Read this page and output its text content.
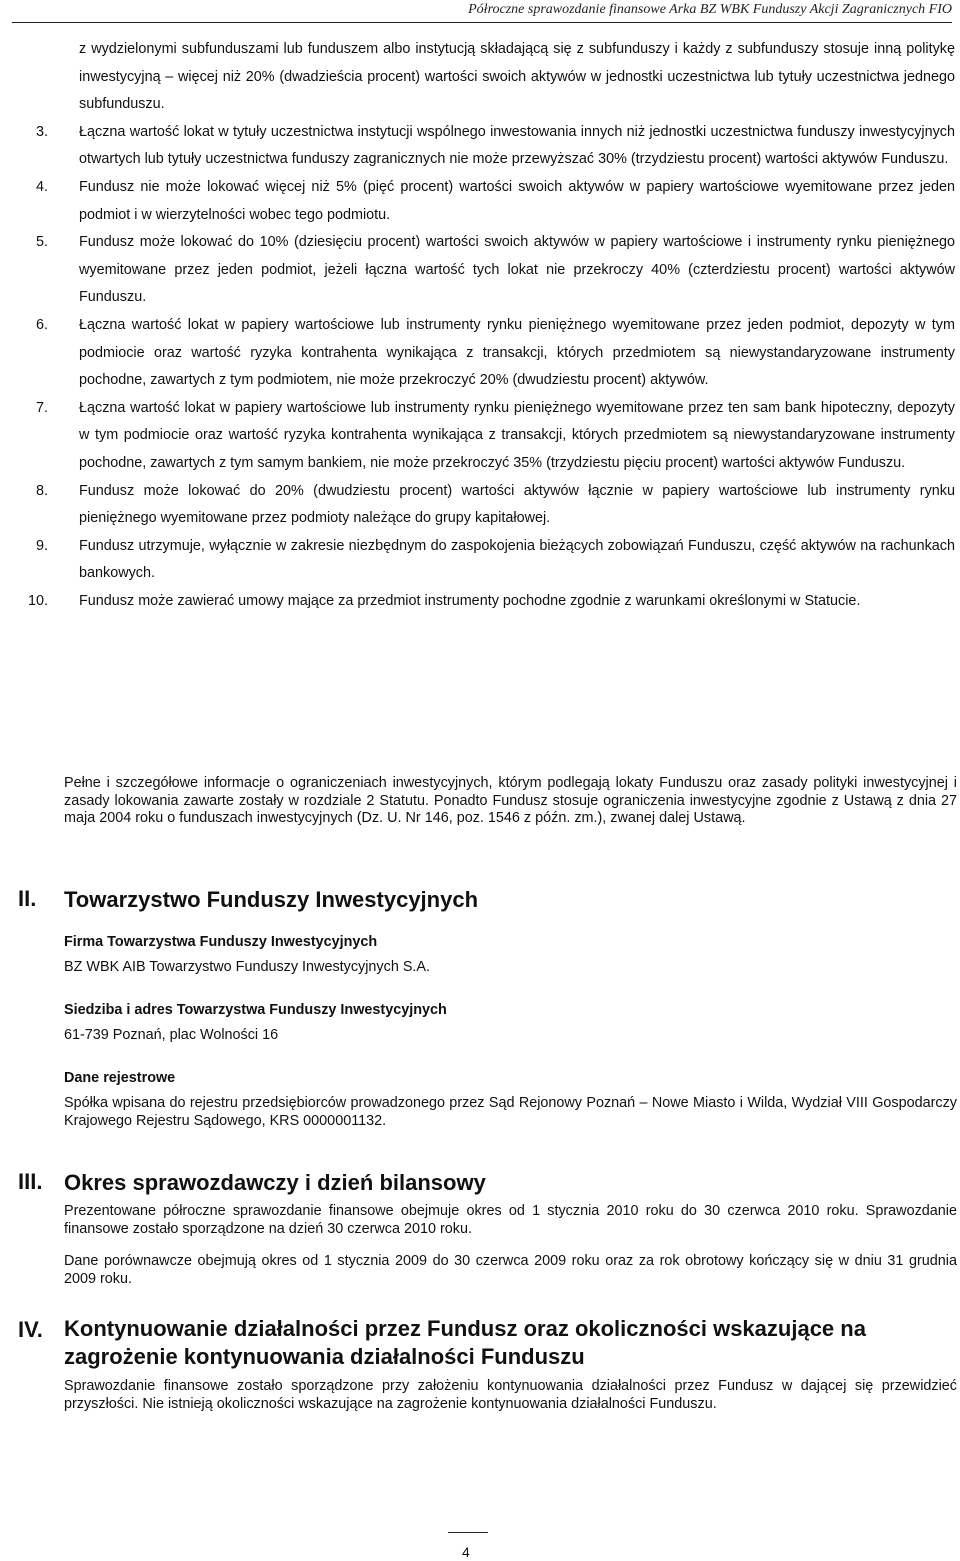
Półroczne sprawozdanie finansowe Arka BZ WBK Funduszy Akcji Zagranicznych FIO
z wydzielonymi subfunduszami lub funduszem albo instytucją składającą się z subfunduszy i każdy z subfunduszy stosuje inną politykę inwestycyjną – więcej niż 20% (dwadzieścia procent) wartości swoich aktywów w jednostki uczestnictwa lub tytuły uczestnictwa jednego subfunduszu.
3. Łączna wartość lokat w tytuły uczestnictwa instytucji wspólnego inwestowania innych niż jednostki uczestnictwa funduszy inwestycyjnych otwartych lub tytuły uczestnictwa funduszy zagranicznych nie może przewyższać 30% (trzydziestu procent) wartości aktywów Funduszu.
4. Fundusz nie może lokować więcej niż 5% (pięć procent) wartości swoich aktywów w papiery wartościowe wyemitowane przez jeden podmiot i w wierzytelności wobec tego podmiotu.
5. Fundusz może lokować do 10% (dziesięciu procent) wartości swoich aktywów w papiery wartościowe i instrumenty rynku pieniężnego wyemitowane przez jeden podmiot, jeżeli łączna wartość tych lokat nie przekroczy 40% (czterdziestu procent) wartości aktywów Funduszu.
6. Łączna wartość lokat w papiery wartościowe lub instrumenty rynku pieniężnego wyemitowane przez jeden podmiot, depozyty w tym podmiocie oraz wartość ryzyka kontrahenta wynikająca z transakcji, których przedmiotem są niewystandaryzowane instrumenty pochodne, zawartych z tym podmiotem, nie może przekroczyć 20% (dwudziestu procent) aktywów.
7. Łączna wartość lokat w papiery wartościowe lub instrumenty rynku pieniężnego wyemitowane przez ten sam bank hipoteczny, depozyty w tym podmiocie oraz wartość ryzyka kontrahenta wynikająca z transakcji, których przedmiotem są niewystandaryzowane instrumenty pochodne, zawartych z tym samym bankiem, nie może przekroczyć 35% (trzydziestu pięciu procent) wartości aktywów Funduszu.
8. Fundusz może lokować do 20% (dwudziestu procent) wartości aktywów łącznie w papiery wartościowe lub instrumenty rynku pieniężnego wyemitowane przez podmioty należące do grupy kapitałowej.
9. Fundusz utrzymuje, wyłącznie w zakresie niezbędnym do zaspokojenia bieżących zobowiązań Funduszu, część aktywów na rachunkach bankowych.
10. Fundusz może zawierać umowy mające za przedmiot instrumenty pochodne zgodnie z warunkami określonymi w Statucie.
Pełne i szczegółowe informacje o ograniczeniach inwestycyjnych, którym podlegają lokaty Funduszu oraz zasady polityki inwestycyjnej i zasady lokowania zawarte zostały w rozdziale 2 Statutu. Ponadto Fundusz stosuje ograniczenia inwestycyjne zgodnie z Ustawą z dnia 27 maja 2004 roku o funduszach inwestycyjnych (Dz. U. Nr 146, poz. 1546 z późn. zm.), zwanej dalej Ustawą.
II. Towarzystwo Funduszy Inwestycyjnych
Firma Towarzystwa Funduszy Inwestycyjnych
BZ WBK AIB Towarzystwo Funduszy Inwestycyjnych S.A.
Siedziba i adres Towarzystwa Funduszy Inwestycyjnych
61-739 Poznań, plac Wolności 16
Dane rejestrowe
Spółka wpisana do rejestru przedsiębiorców prowadzonego przez Sąd Rejonowy Poznań – Nowe Miasto i Wilda, Wydział VIII Gospodarczy Krajowego Rejestru Sądowego, KRS 0000001132.
III. Okres sprawozdawczy i dzień bilansowy
Prezentowane półroczne sprawozdanie finansowe obejmuje okres od 1 stycznia 2010 roku do 30 czerwca 2010 roku. Sprawozdanie finansowe zostało sporządzone na dzień 30 czerwca 2010 roku.
Dane porównawcze obejmują okres od 1 stycznia 2009 do 30 czerwca 2009 roku oraz za rok obrotowy kończący się w dniu 31 grudnia 2009 roku.
IV. Kontynuowanie działalności przez Fundusz oraz okoliczności wskazujące na zagrożenie kontynuowania działalności Funduszu
Sprawozdanie finansowe zostało sporządzone przy założeniu kontynuowania działalności przez Fundusz w dającej się przewidzieć przyszłości. Nie istnieją okoliczności wskazujące na zagrożenie kontynuowania działalności Funduszu.
4
